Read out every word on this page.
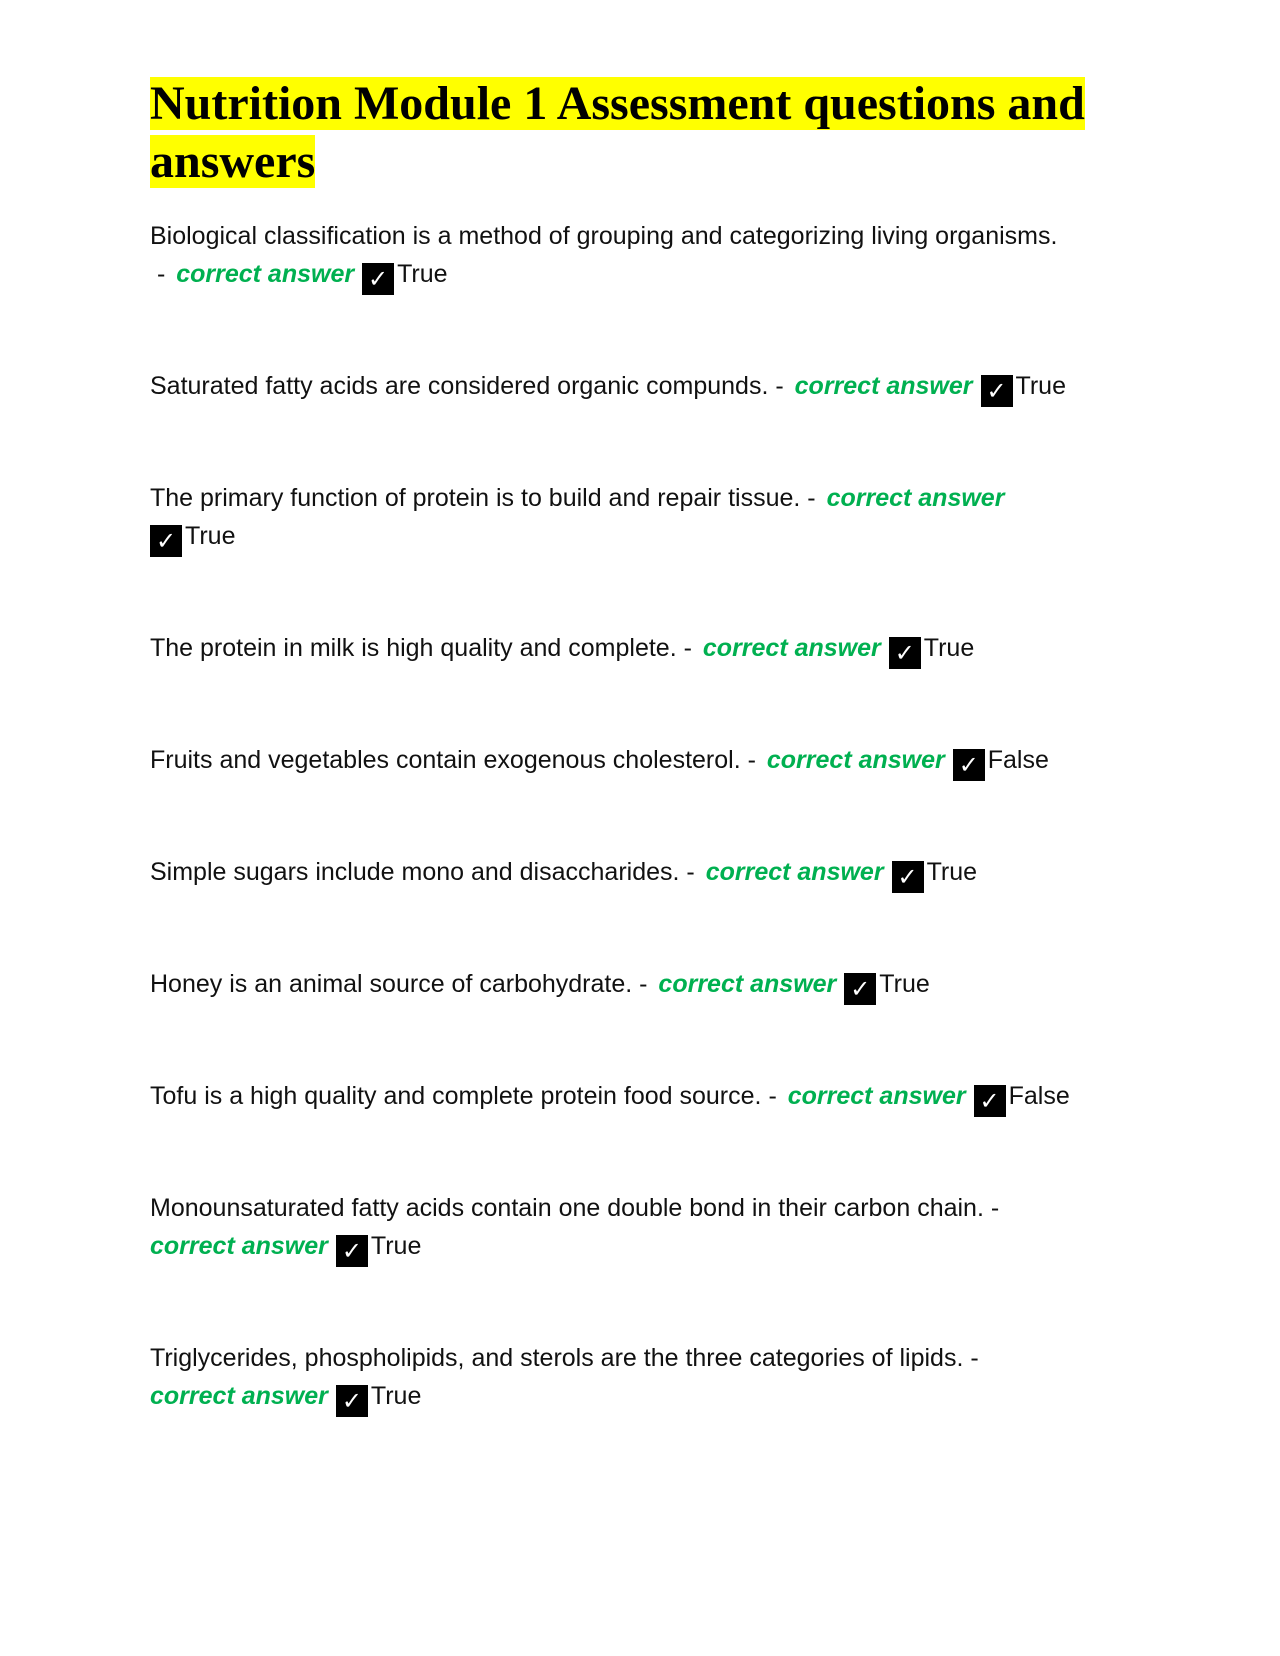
Nutrition Module 1 Assessment questions and answers

Biological classification is a method of grouping and categorizing living organisms. - correct answer ✓ True

Saturated fatty acids are considered organic compunds. - correct answer ✓ True

The primary function of protein is to build and repair tissue. - correct answer
✓ True

The protein in milk is high quality and complete. - correct answer ✓ True

Fruits and vegetables contain exogenous cholesterol. - correct answer ✓ False

Simple sugars include mono and disaccharides. - correct answer ✓ True

Honey is an animal source of carbohydrate. - correct answer ✓ True

Tofu is a high quality and complete protein food source. - correct answer ✓ False

Monounsaturated fatty acids contain one double bond in their carbon chain. -
correct answer ✓ True

Triglycerides, phospholipids, and sterols are the three categories of lipids. -
correct answer ✓ True
